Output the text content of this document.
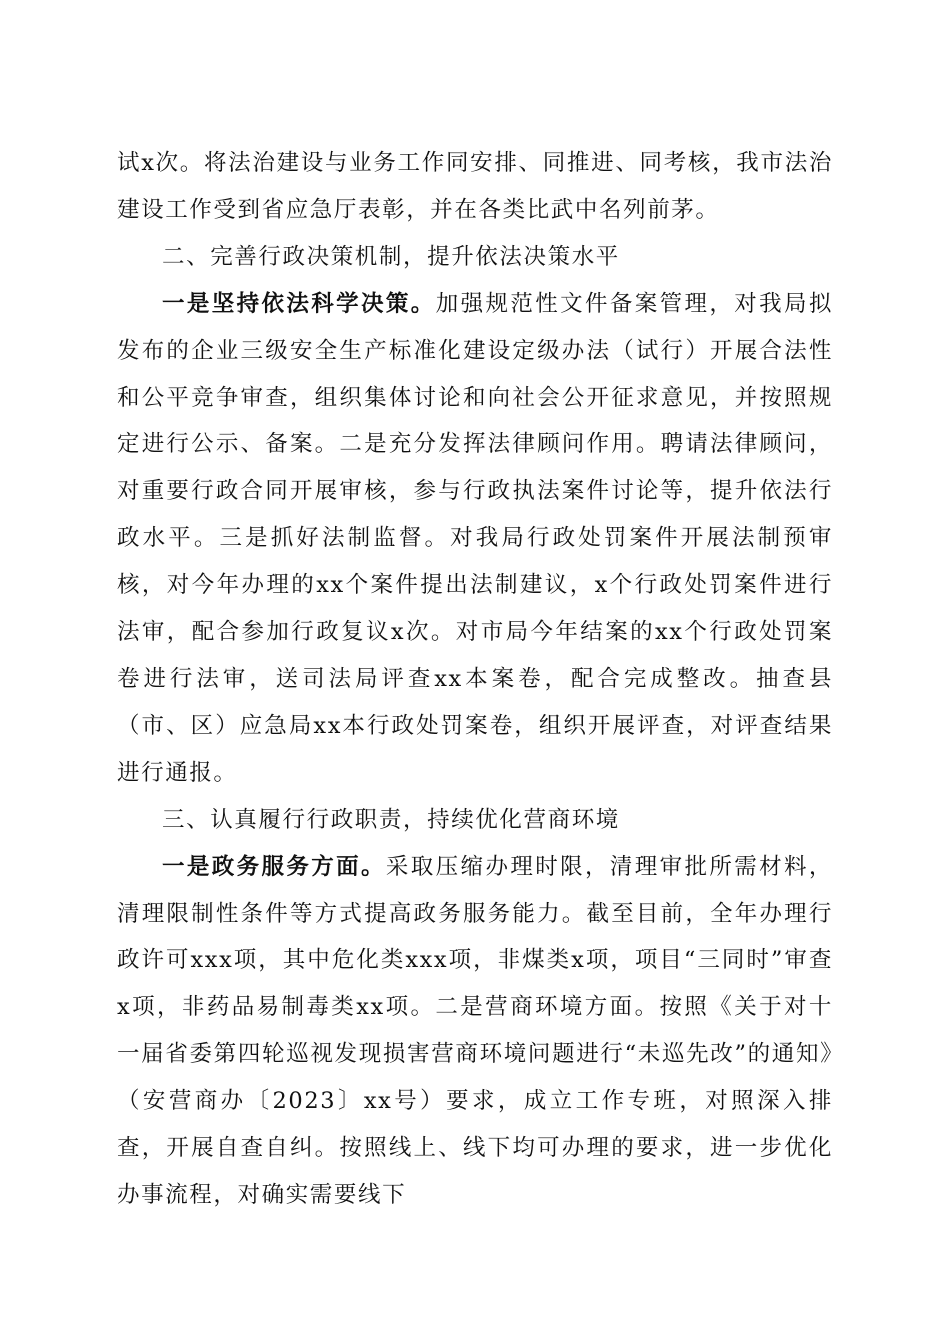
试x次。将法治建设与业务工作同安排、同推进、同考核，我市法治建设工作受到省应急厅表彰，并在各类比武中名列前茅。

二、完善行政决策机制，提升依法决策水平

一是坚持依法科学决策。加强规范性文件备案管理，对我局拟发布的企业三级安全生产标准化建设定级办法（试行）开展合法性和公平竞争审查，组织集体讨论和向社会公开征求意见，并按照规定进行公示、备案。二是充分发挥法律顾问作用。聘请法律顾问，对重要行政合同开展审核，参与行政执法案件讨论等，提升依法行政水平。三是抓好法制监督。对我局行政处罚案件开展法制预审核，对今年办理的xx个案件提出法制建议，x个行政处罚案件进行法审，配合参加行政复议x次。对市局今年结案的xx个行政处罚案卷进行法审，送司法局评查xx本案卷，配合完成整改。抽查县（市、区）应急局xx本行政处罚案卷，组织开展评查，对评查结果进行通报。

三、认真履行行政职责，持续优化营商环境

一是政务服务方面。采取压缩办理时限，清理审批所需材料，清理限制性条件等方式提高政务服务能力。截至目前，全年办理行政许可xxx项，其中危化类xxx项，非煤类x项，项目“三同时”审查x项，非药品易制毒类xx项。二是营商环境方面。按照《关于对十一届省委第四轮巡视发现损害营商环境问题进行“未巡先改”的通知》（安营商办〔2023〕xx号）要求，成立工作专班，对照深入排查，开展自查自纠。按照线上、线下均可办理的要求，进一步优化办事流程，对确实需要线下
